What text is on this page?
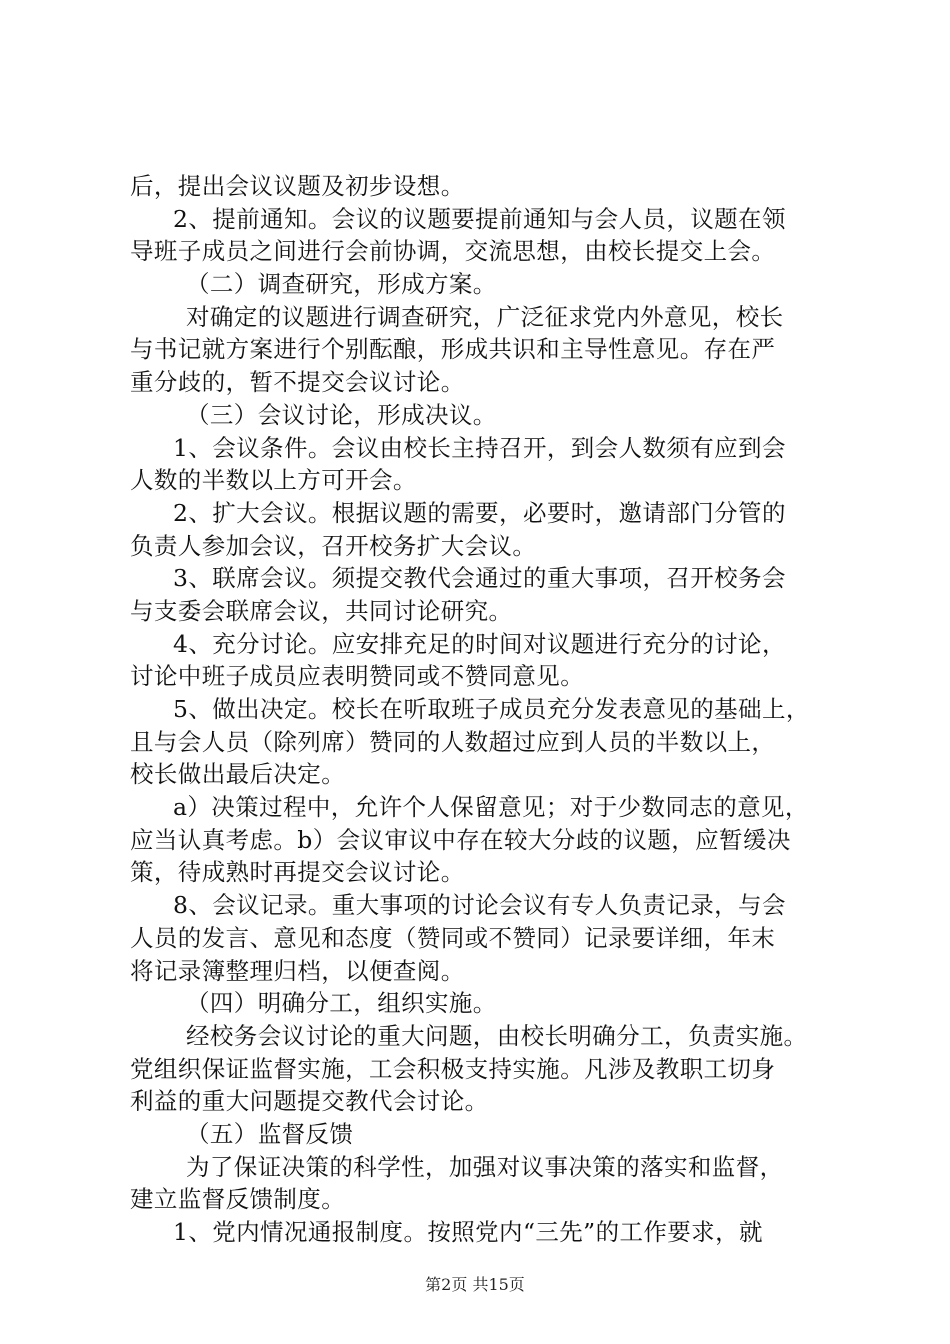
后，提出会议议题及初步设想。
2、提前通知。会议的议题要提前通知与会人员，议题在领
导班子成员之间进行会前协调，交流思想，由校长提交上会。
（二）调查研究，形成方案。
对确定的议题进行调查研究，广泛征求党内外意见，校长
与书记就方案进行个别酝酿，形成共识和主导性意见。存在严
重分歧的，暂不提交会议讨论。
（三）会议讨论，形成决议。
1、会议条件。会议由校长主持召开，到会人数须有应到会
人数的半数以上方可开会。
2、扩大会议。根据议题的需要，必要时，邀请部门分管的
负责人参加会议，召开校务扩大会议。
3、联席会议。须提交教代会通过的重大事项，召开校务会
与支委会联席会议，共同讨论研究。
4、充分讨论。应安排充足的时间对议题进行充分的讨论，
讨论中班子成员应表明赞同或不赞同意见。
5、做出决定。校长在听取班子成员充分发表意见的基础上，
且与会人员（除列席）赞同的人数超过应到人员的半数以上，
校长做出最后决定。
a）决策过程中，允许个人保留意见；对于少数同志的意见，
应当认真考虑。b）会议审议中存在较大分歧的议题，应暂缓决
策，待成熟时再提交会议讨论。
8、会议记录。重大事项的讨论会议有专人负责记录，与会
人员的发言、意见和态度（赞同或不赞同）记录要详细，年末
将记录簿整理归档，以便查阅。
（四）明确分工，组织实施。
经校务会议讨论的重大问题，由校长明确分工，负责实施。
党组织保证监督实施，工会积极支持实施。凡涉及教职工切身
利益的重大问题提交教代会讨论。
（五）监督反馈
为了保证决策的科学性，加强对议事决策的落实和监督，
建立监督反馈制度。
1、党内情况通报制度。按照党内“三先”的工作要求，就
第2页 共15页
